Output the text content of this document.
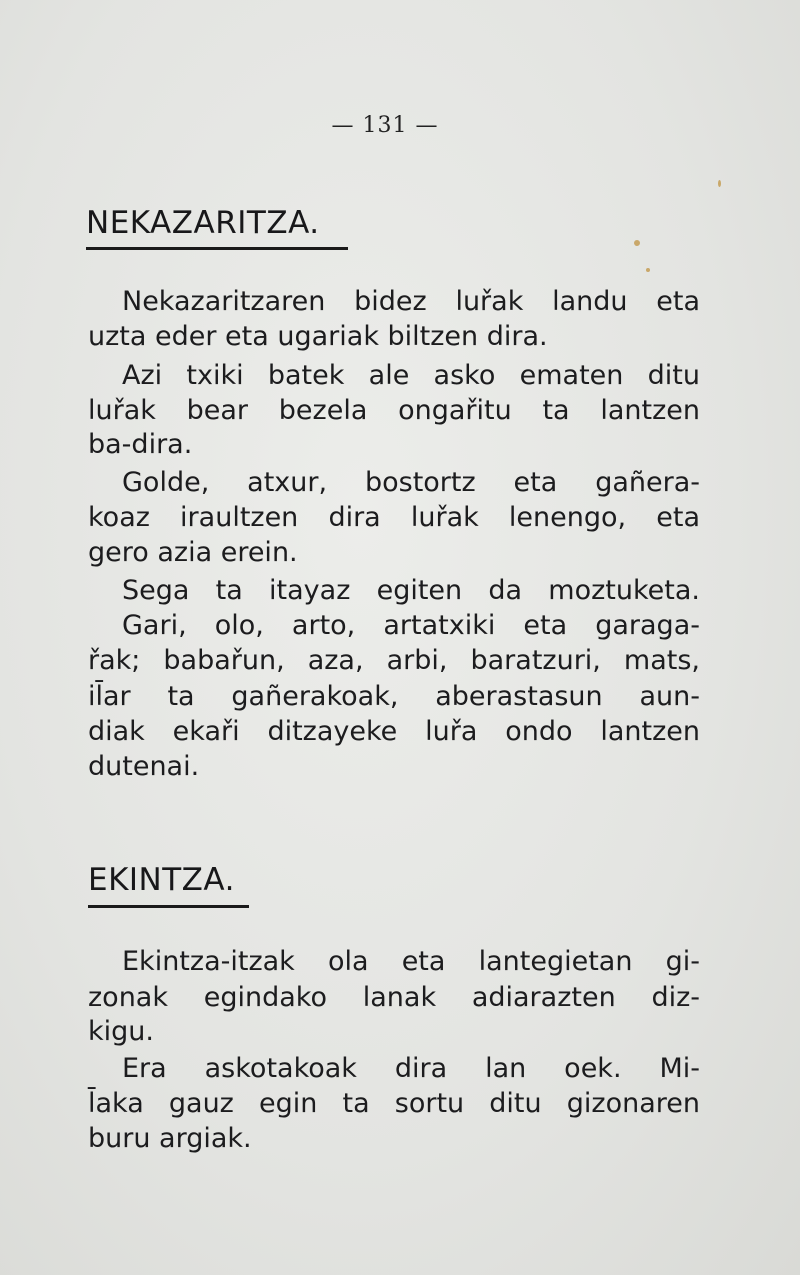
— 131 —
NEKAZARITZA.
Nekazaritzaren bidez luřak landu eta
uzta eder eta ugariak biltzen dira.
Azi txiki batek ale asko ematen ditu
luřak bear bezela ongařitu ta lantzen
ba-dira.
Golde, atxur, bostortz eta gañera-
koaz iraultzen dira luřak lenengo, eta
gero azia erein.
Sega ta itayaz egiten da moztuketa.
Gari, olo, arto, artatxiki eta garaga-
řak; babařun, aza, arbi, baratzuri, mats,
il̄ar ta gañerakoak, aberastasun aun-
diak ekaři ditzayeke luřa ondo lantzen
dutenai.
EKINTZA.
Ekintza-itzak ola eta lantegietan gi-
zonak egindako lanak adiarazten diz-
kigu.
Era askotakoak dira lan oek. Mi-
l̄aka gauz egin ta sortu ditu gizonaren
buru argiak.
